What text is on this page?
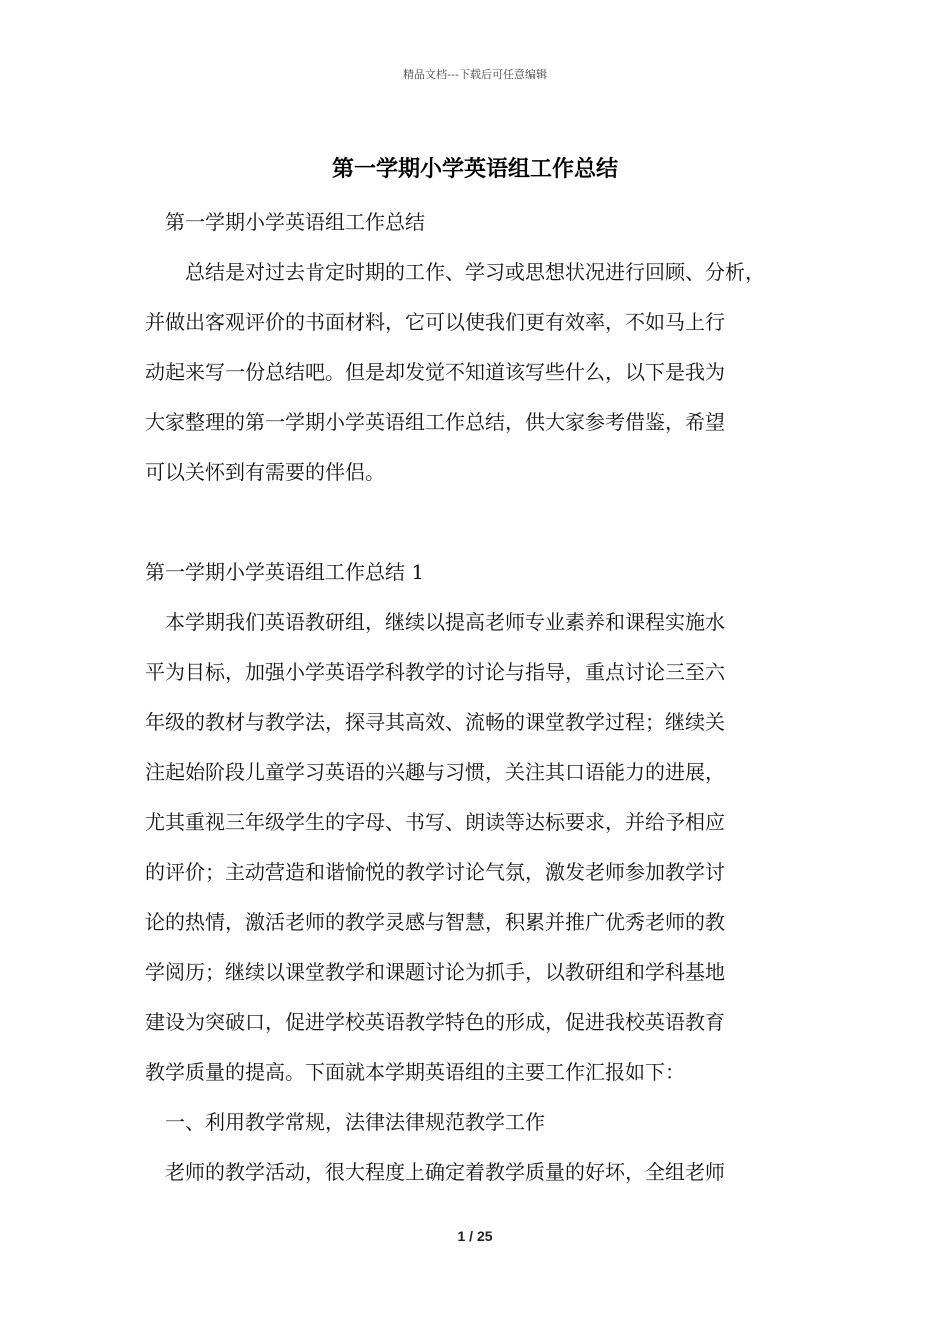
精品文档---下载后可任意编辑
第一学期小学英语组工作总结
　第一学期小学英语组工作总结
　　总结是对过去肯定时期的工作、学习或思想状况进行回顾、分析，
并做出客观评价的书面材料，它可以使我们更有效率，不如马上行
动起来写一份总结吧。但是却发觉不知道该写些什么，以下是我为
大家整理的第一学期小学英语组工作总结，供大家参考借鉴，希望
可以关怀到有需要的伴侣。
第一学期小学英语组工作总结 1
　本学期我们英语教研组，继续以提高老师专业素养和课程实施水
平为目标，加强小学英语学科教学的讨论与指导，重点讨论三至六
年级的教材与教学法，探寻其高效、流畅的课堂教学过程；继续关
注起始阶段儿童学习英语的兴趣与习惯，关注其口语能力的进展，
尤其重视三年级学生的字母、书写、朗读等达标要求，并给予相应
的评价；主动营造和谐愉悦的教学讨论气氛，激发老师参加教学讨
论的热情，激活老师的教学灵感与智慧，积累并推广优秀老师的教
学阅历；继续以课堂教学和课题讨论为抓手，以教研组和学科基地
建设为突破口，促进学校英语教学特色的形成，促进我校英语教育
教学质量的提高。下面就本学期英语组的主要工作汇报如下：
　一、利用教学常规，法律法律规范教学工作
　老师的教学活动，很大程度上确定着教学质量的好坏，全组老师
1 / 25
